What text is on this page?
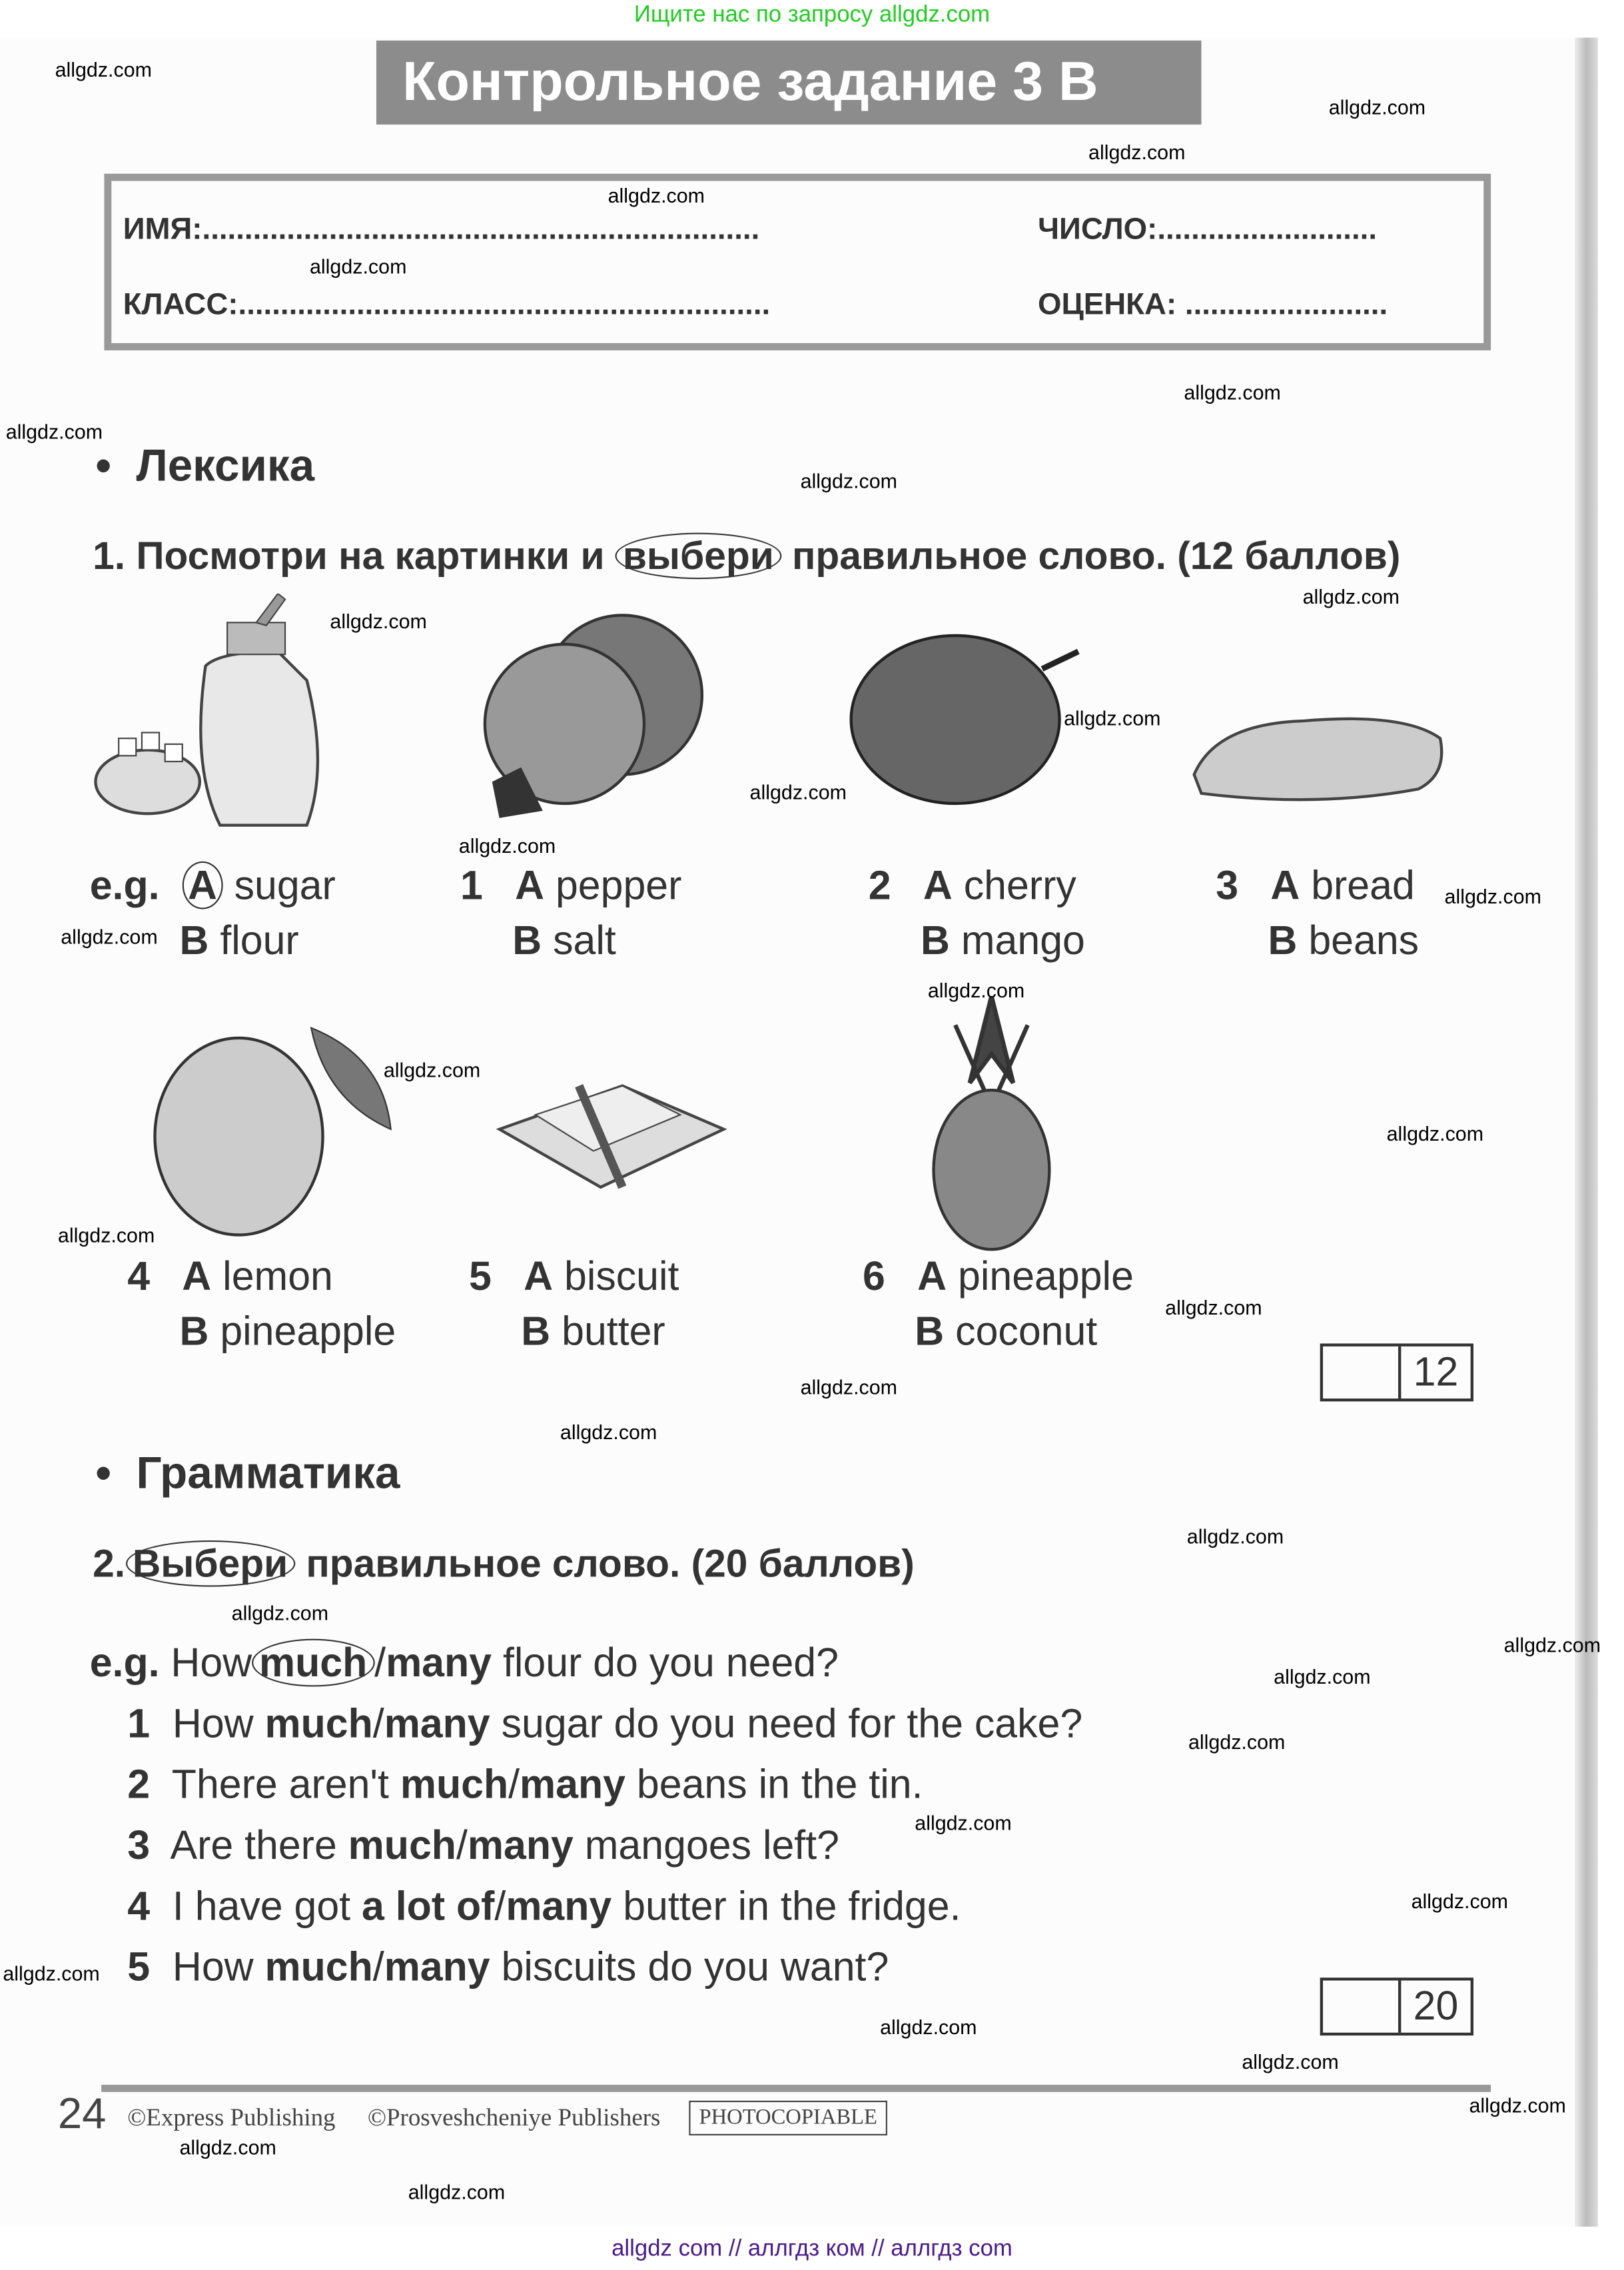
Ищите нас по запросу allgdz.com
Контрольное задание 3 B
ИМЯ:..................................................................	ЧИСЛО:..........................
КЛАСС:...............................................................	ОЦЕНКА: ........................
• Лексика
1. Посмотри на картинки и выбери правильное слово. (12 баллов)
e.g. A sugar
B flour
1 A pepper
B salt
2 A cherry
B mango
3 A bread
B beans
4 A lemon
B pineapple
5 A biscuit
B butter
6 A pineapple
B coconut
12
• Грамматика
2. Выбери правильное слово. (20 баллов)
e.g. How much /many flour do you need?
1 How much/many sugar do you need for the cake?
2 There aren't much/many beans in the tin.
3 Are there much/many mangoes left?
4 I have got a lot of/many butter in the fridge.
5 How much/many biscuits do you want?
20
24 ©Express Publishing	©Prosveshcheniye Publishers	PHOTOCOPIABLE
allgdz com // аллгдз ком // аллгдз com
allgdz.com
allgdz.com
allgdz.com
allgdz.com
allgdz.com
allgdz.com
allgdz.com
allgdz.com
allgdz.com
allgdz.com
allgdz.com
allgdz.com
allgdz.com
allgdz.com
allgdz.com
allgdz.com
allgdz.com
allgdz.com
allgdz.com
allgdz.com
allgdz.com
allgdz.com
allgdz.com
allgdz.com
allgdz.com
allgdz.com
allgdz.com
allgdz.com
allgdz.com
allgdz.com
allgdz.com
allgdz.com
allgdz.com
allgdz.com
allgdz.com
